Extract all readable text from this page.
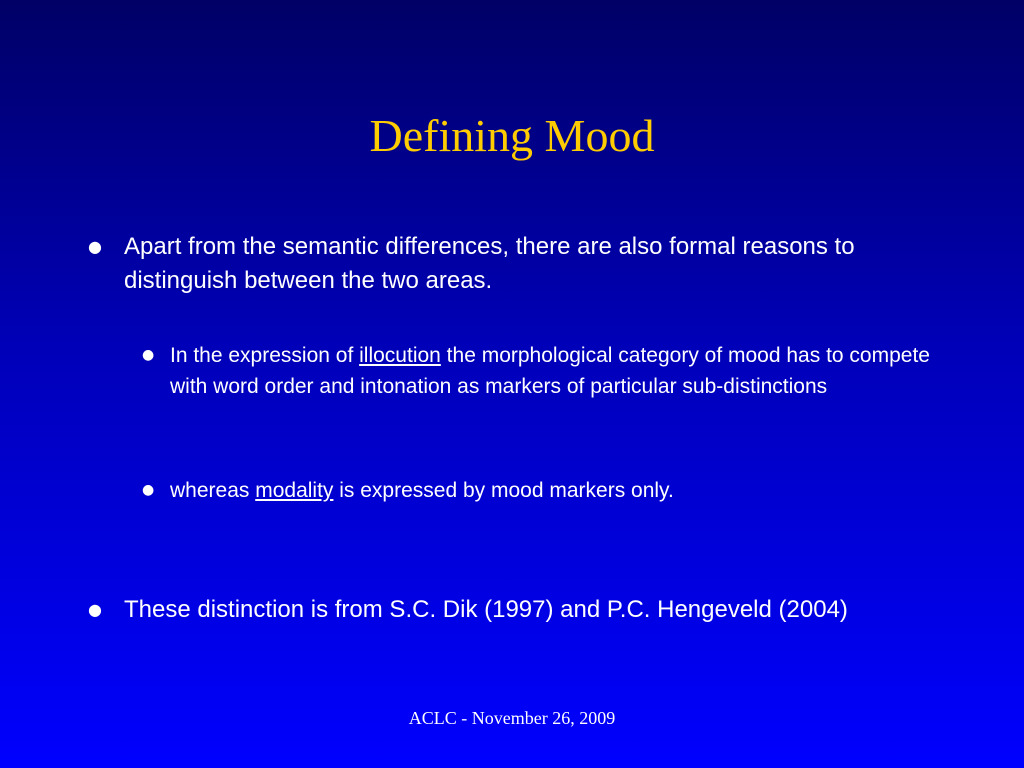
Defining Mood
● Apart from the semantic differences, there are also formal reasons to distinguish between the two areas.
● In the expression of illocution the morphological category of mood has to compete with word order and intonation as markers of particular sub-distinctions
● whereas modality is expressed by mood markers only.
● These distinction is from S.C. Dik (1997) and P.C. Hengeveld (2004)
ACLC - November 26, 2009
